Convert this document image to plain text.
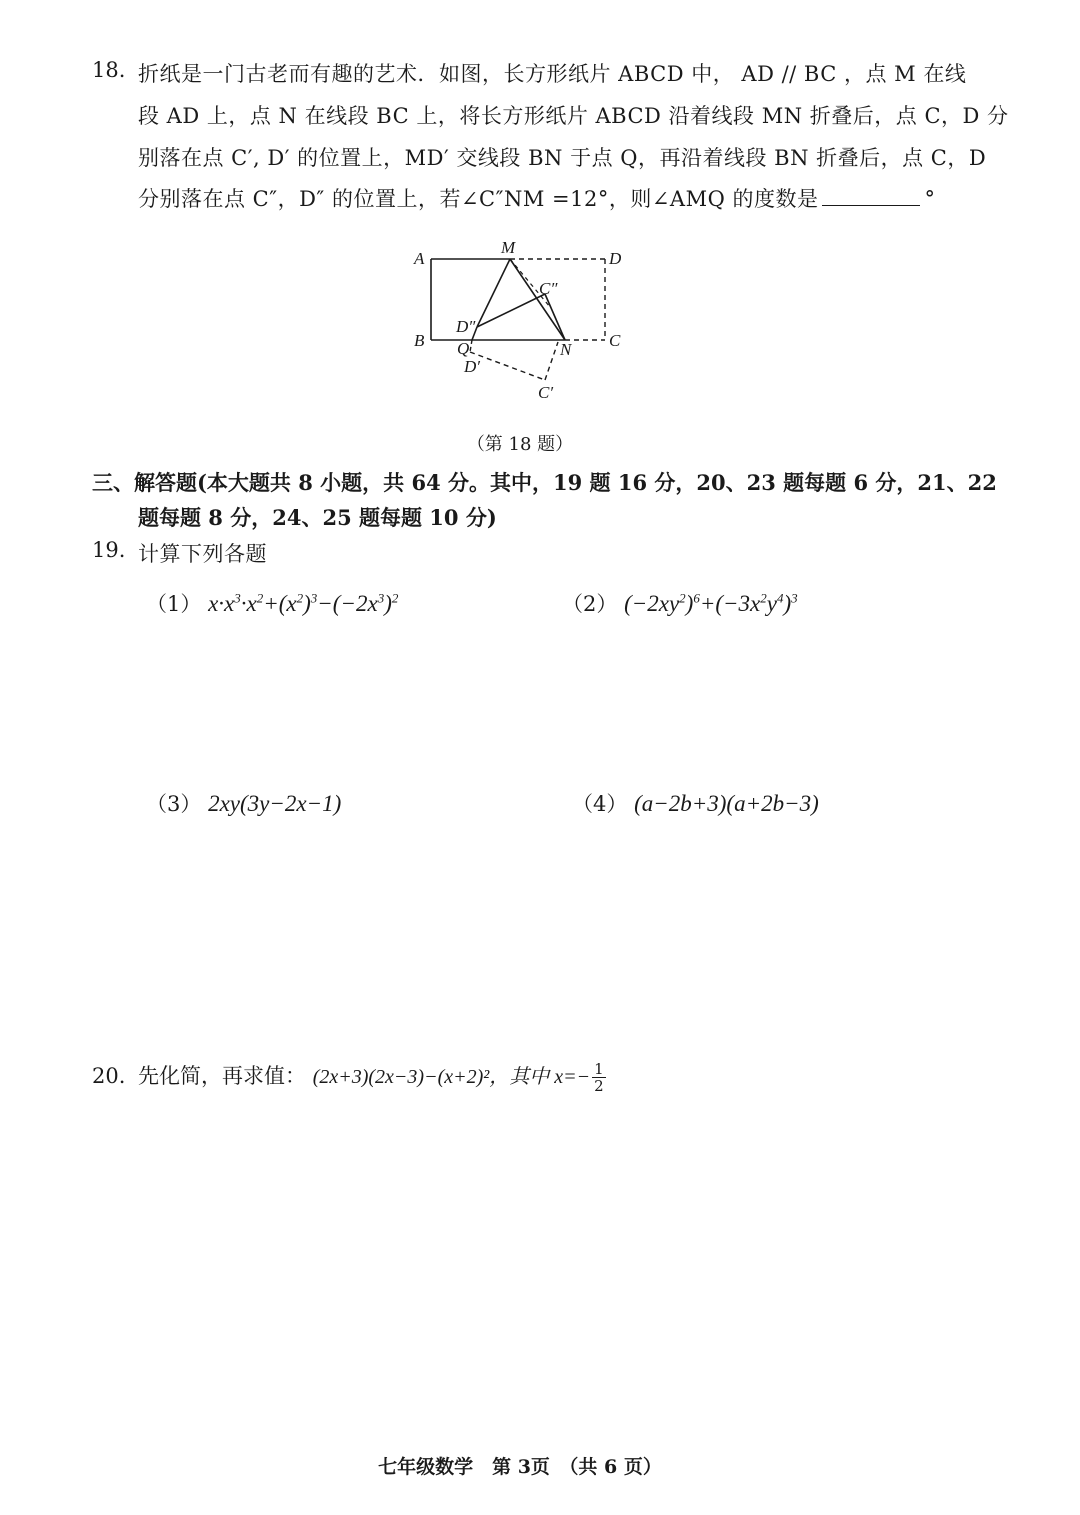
18. 折纸是一门古老而有趣的艺术．如图，长方形纸片 ABCD 中， AD // BC ，点 M 在线
段 AD 上，点 N 在线段 BC 上，将长方形纸片 ABCD 沿着线段 MN 折叠后，点 C，D 分
别落在点 C′, D′ 的位置上，MD′ 交线段 BN 于点 Q，再沿着线段 BN 折叠后，点 C，D
分别落在点 C″，D″ 的位置上，若∠C″NM =12°，则∠AMQ 的度数是	°
A
M
D
C″
D″
B Q	N C
D′
C′
（第 18 题）
三、解答题(本大题共 8 小题，共 64 分。其中，19 题 16 分，20、23 题每题 6 分，21、22
题每题 8 分，24、25 题每题 10 分)
19. 计算下列各题
（1） $x\cdot x^3\cdot x^2+(x^2)^3-(-2x^3)^2$	（2） $(-2xy^2)^6+(-3x^2y^4)^3$
（3） 2xy(3y−2x−1)	（4） (a−2b+3)(a+2b−3)
20. 先化简，再求值： (2x+3)(2x−3)−(x+2)²，其中 $x=- \frac{1}{2}$
七年级数学　第 3页　（共 6 页）
